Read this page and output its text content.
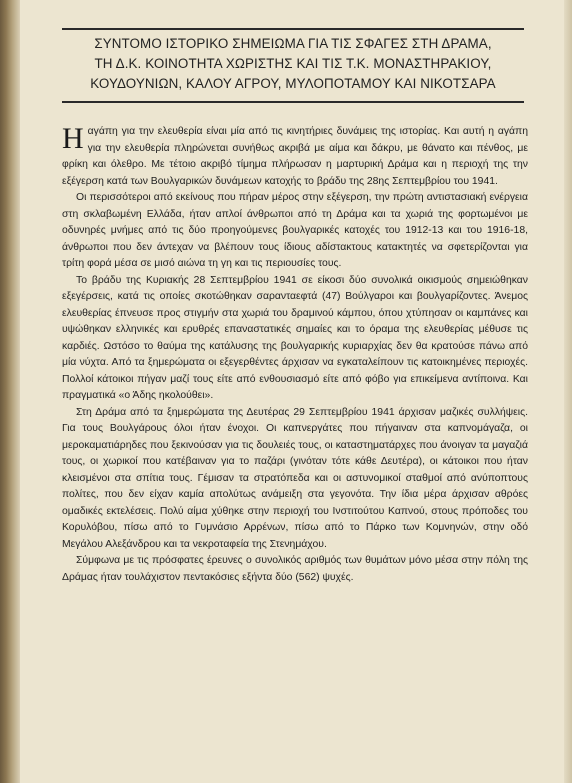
ΣΥΝΤΟΜΟ ΙΣΤΟΡΙΚΟ ΣΗΜΕΙΩΜΑ ΓΙΑ ΤΙΣ ΣΦΑΓΕΣ ΣΤΗ ΔΡΑΜΑ,
ΤΗ Δ.Κ. ΚΟΙΝΟΤΗΤΑ ΧΩΡΙΣΤΗΣ ΚΑΙ ΤΙΣ Τ.Κ. ΜΟΝΑΣΤΗΡΑΚΙΟΥ,
ΚΟΥΔΟΥΝΙΩΝ, ΚΑΛΟΥ ΑΓΡΟΥ, ΜΥΛΟΠΟΤΑΜΟΥ ΚΑΙ ΝΙΚΟΤΣΑΡΑ

Η αγάπη για την ελευθερία είναι μία από τις κινητήριες δυνάμεις της ιστορίας. Και αυτή η αγάπη για την ελευθερία πληρώνεται συνήθως ακριβά με αίμα και δάκρυ, με θάνατο και πένθος, με φρίκη και όλεθρο. Με τέτοιο ακριβό τίμημα πλήρωσαν η μαρτυρική Δράμα και η περιοχή της την εξέγερση κατά των Βουλγαρικών δυνάμεων κατοχής το βράδυ της 28ης Σεπτεμβρίου του 1941.

Οι περισσότεροι από εκείνους που πήραν μέρος στην εξέγερση, την πρώτη αντιστασιακή ενέργεια στη σκλαβωμένη Ελλάδα, ήταν απλοί άνθρωποι από τη Δράμα και τα χωριά της φορτωμένοι με οδυνηρές μνήμες από τις δύο προηγούμενες βουλγαρικές κατοχές του 1912-13 και του 1916-18, άνθρωποι που δεν άντεχαν να βλέπουν τους ίδιους αδίστακτους κατακτητές να σφετερίζονται για τρίτη φορά μέσα σε μισό αιώνα τη γη και τις περιουσίες τους.

Το βράδυ της Κυριακής 28 Σεπτεμβρίου 1941 σε είκοσι δύο συνολικά οικισμούς σημειώθηκαν εξεγέρσεις, κατά τις οποίες σκοτώθηκαν σαρανταεφτά (47) Βούλγαροι και βουλγαρίζοντες. Άνεμος ελευθερίας έπνευσε προς στιγμήν στα χωριά του δραμινού κάμπου, όπου χτύπησαν οι καμπάνες και υψώθηκαν ελληνικές και ερυθρές επαναστατικές σημαίες και το όραμα της ελευθερίας μέθυσε τις καρδιές. Ωστόσο το θαύμα της κατάλυσης της βουλγαρικής κυριαρχίας δεν θα κρατούσε πάνω από μία νύχτα. Από τα ξημερώματα οι εξεγερθέντες άρχισαν να εγκαταλείπουν τις κατοικημένες περιοχές. Πολλοί κάτοικοι πήγαν μαζί τους είτε από ενθουσιασμό είτε από φόβο για επικείμενα αντίποινα. Και πραγματικά «ο Άδης ηκολούθει».

Στη Δράμα από τα ξημερώματα της Δευτέρας 29 Σεπτεμβρίου 1941 άρχισαν μαζικές συλλήψεις. Για τους Βουλγάρους όλοι ήταν ένοχοι. Οι καπνεργάτες που πήγαιναν στα καπνομάγαζα, οι μεροκαματιάρηδες που ξεκινούσαν για τις δουλειές τους, οι καταστηματάρχες που άνοιγαν τα μαγαζιά τους, οι χωρικοί που κατέβαιναν για το παζάρι (γινόταν τότε κάθε Δευτέρα), οι κάτοικοι που ήταν κλεισμένοι στα σπίτια τους. Γέμισαν τα στρατόπεδα και οι αστυνομικοί σταθμοί από ανύποπτους πολίτες, που δεν είχαν καμία απολύτως ανάμειξη στα γεγονότα. Την ίδια μέρα άρχισαν αθρόες ομαδικές εκτελέσεις. Πολύ αίμα χύθηκε στην περιοχή του Ινστιτούτου Καπνού, στους πρόποδες του Κορυλόβου, πίσω από το Γυμνάσιο Αρρένων, πίσω από το Πάρκο των Κομνηνών, στην οδό Μεγάλου Αλεξάνδρου και τα νεκροταφεία της Στενημάχου.

Σύμφωνα με τις πρόσφατες έρευνες ο συνολικός αριθμός των θυμάτων μόνο μέσα στην πόλη της Δράμας ήταν τουλάχιστον πεντακόσιες εξήντα δύο (562) ψυχές.
